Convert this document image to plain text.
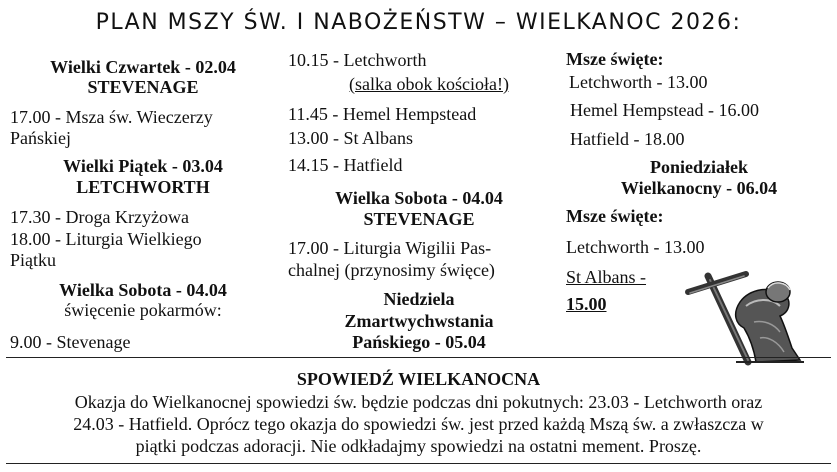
PLAN MSZY ŚW. I NABOŻEŃSTW – WIELKANOC 2026:
Wielki Czwartek - 02.04
STEVENAGE
17.00 - Msza św. Wieczerzy
Pańskiej
Wielki Piątek - 03.04
LETCHWORTH
17.30 - Droga Krzyżowa
18.00 - Liturgia Wielkiego
Piątku
Wielka Sobota - 04.04
święcenie pokarmów:
9.00 - Stevenage
10.15 - Letchworth
(salka obok kościoła!)
11.45 - Hemel Hempstead
13.00 - St Albans
14.15 - Hatfield
Wielka Sobota - 04.04
STEVENAGE
17.00 - Liturgia Wigilii Pas-
chalnej (przynosimy święce)
Niedziela
Zmartwychwstania
Pańskiego - 05.04
Msze święte:
Letchworth - 13.00
Hemel Hempstead - 16.00
Hatfield - 18.00
Poniedziałek
Wielkanocny - 06.04
Msze święte:
Letchworth - 13.00
St Albans -
15.00
SPOWIEDŹ WIELKANOCNA
Okazja do Wielkanocnej spowiedzi św. będzie podczas dni pokutnych: 23.03 - Letchworth oraz
24.03 - Hatfield. Oprócz tego okazja do spowiedzi św. jest przed każdą Mszą św. a zwłaszcza w
piątki podczas adoracji. Nie odkładajmy spowiedzi na ostatni mement. Proszę.
